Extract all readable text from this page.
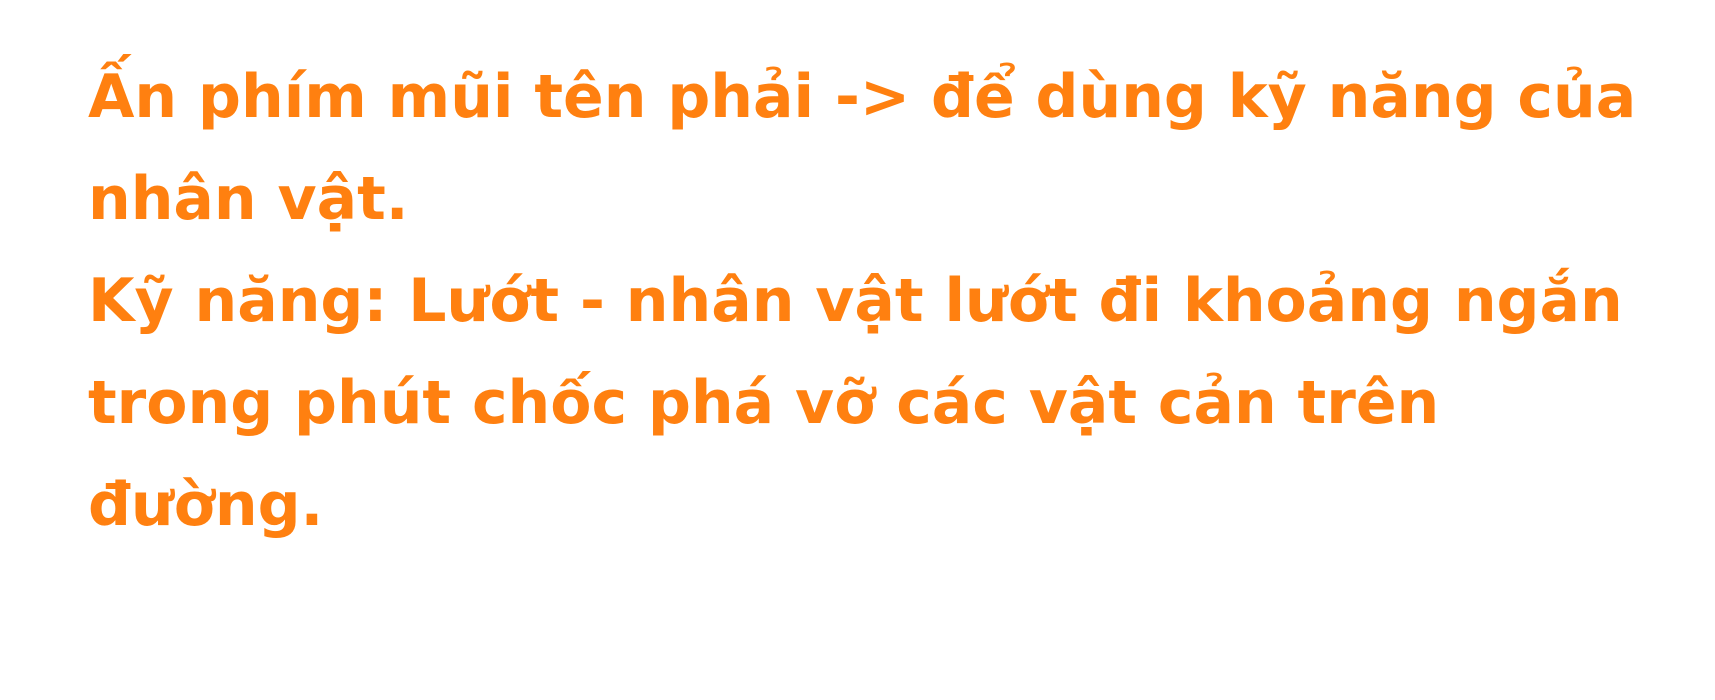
Ấn phím mũi tên phải -> để dùng kỹ năng của nhân vật.

Kỹ năng: Lướt - nhân vật lướt đi khoảng ngắn trong phút chốc phá vỡ các vật cản trên đường.
